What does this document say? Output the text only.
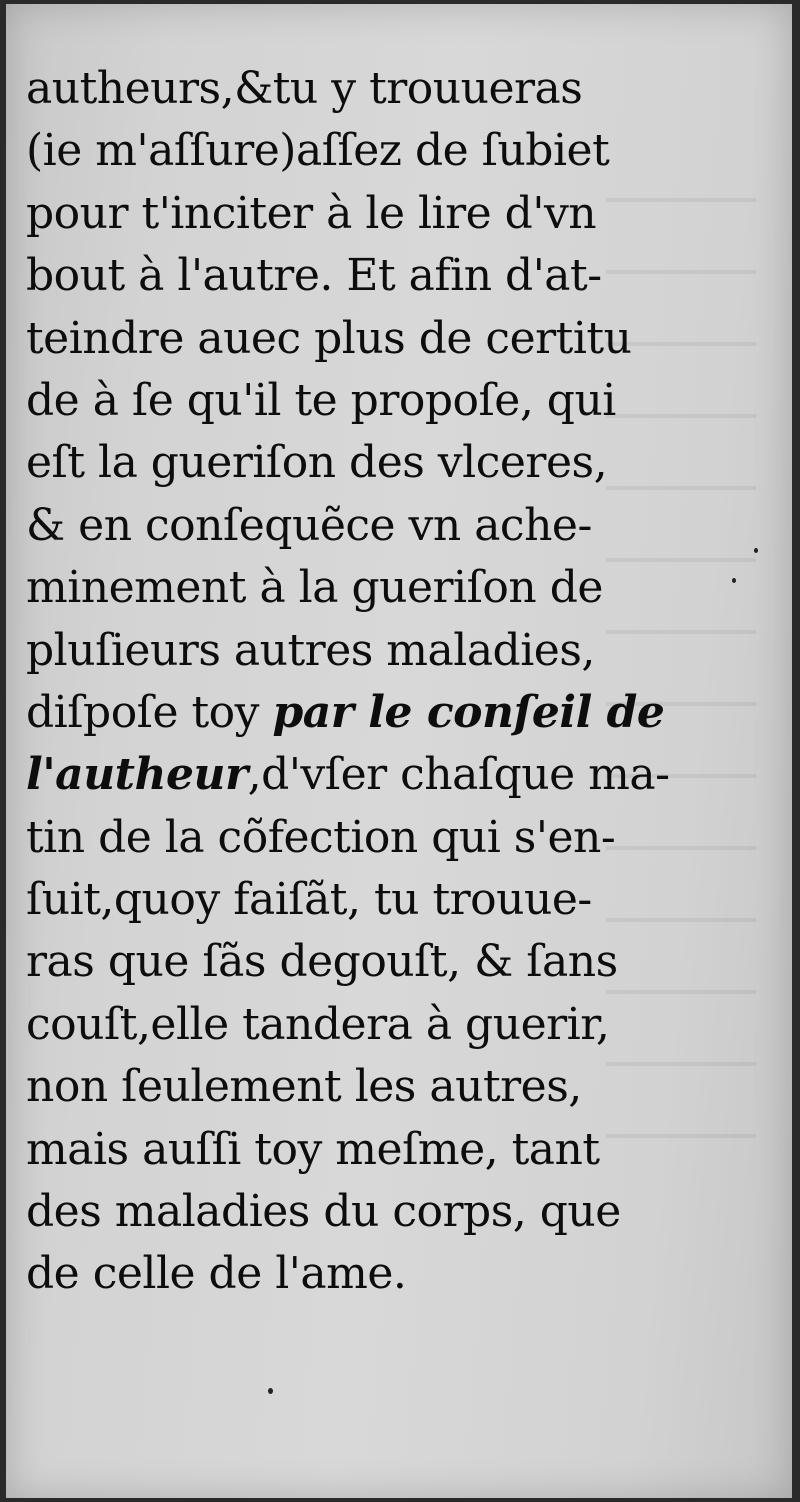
autheurs,&tu y trouueras
(ie m'aſſure)aſſez de ſubiet
pour t'inciter à le lire d'vn
bout à l'autre. Et afin d'at-
teindre auec plus de certitu
de à ſe qu'il te propoſe, qui
eſt la gueriſon des vlceres,
& en conſequẽce vn ache-
minement à la gueriſon de
pluſieurs autres maladies,
diſpoſe toy par le conſeil de
l'autheur,d'vſer chaſque ma-
tin de la cõfection qui s'en-
ſuit,quoy faiſãt, tu trouue-
ras que ſãs degouſt, & ſans
couſt,elle tandera à guerir,
non ſeulement les autres,
mais auſſi toy meſme, tant
des maladies du corps, que
de celle de l'ame.
